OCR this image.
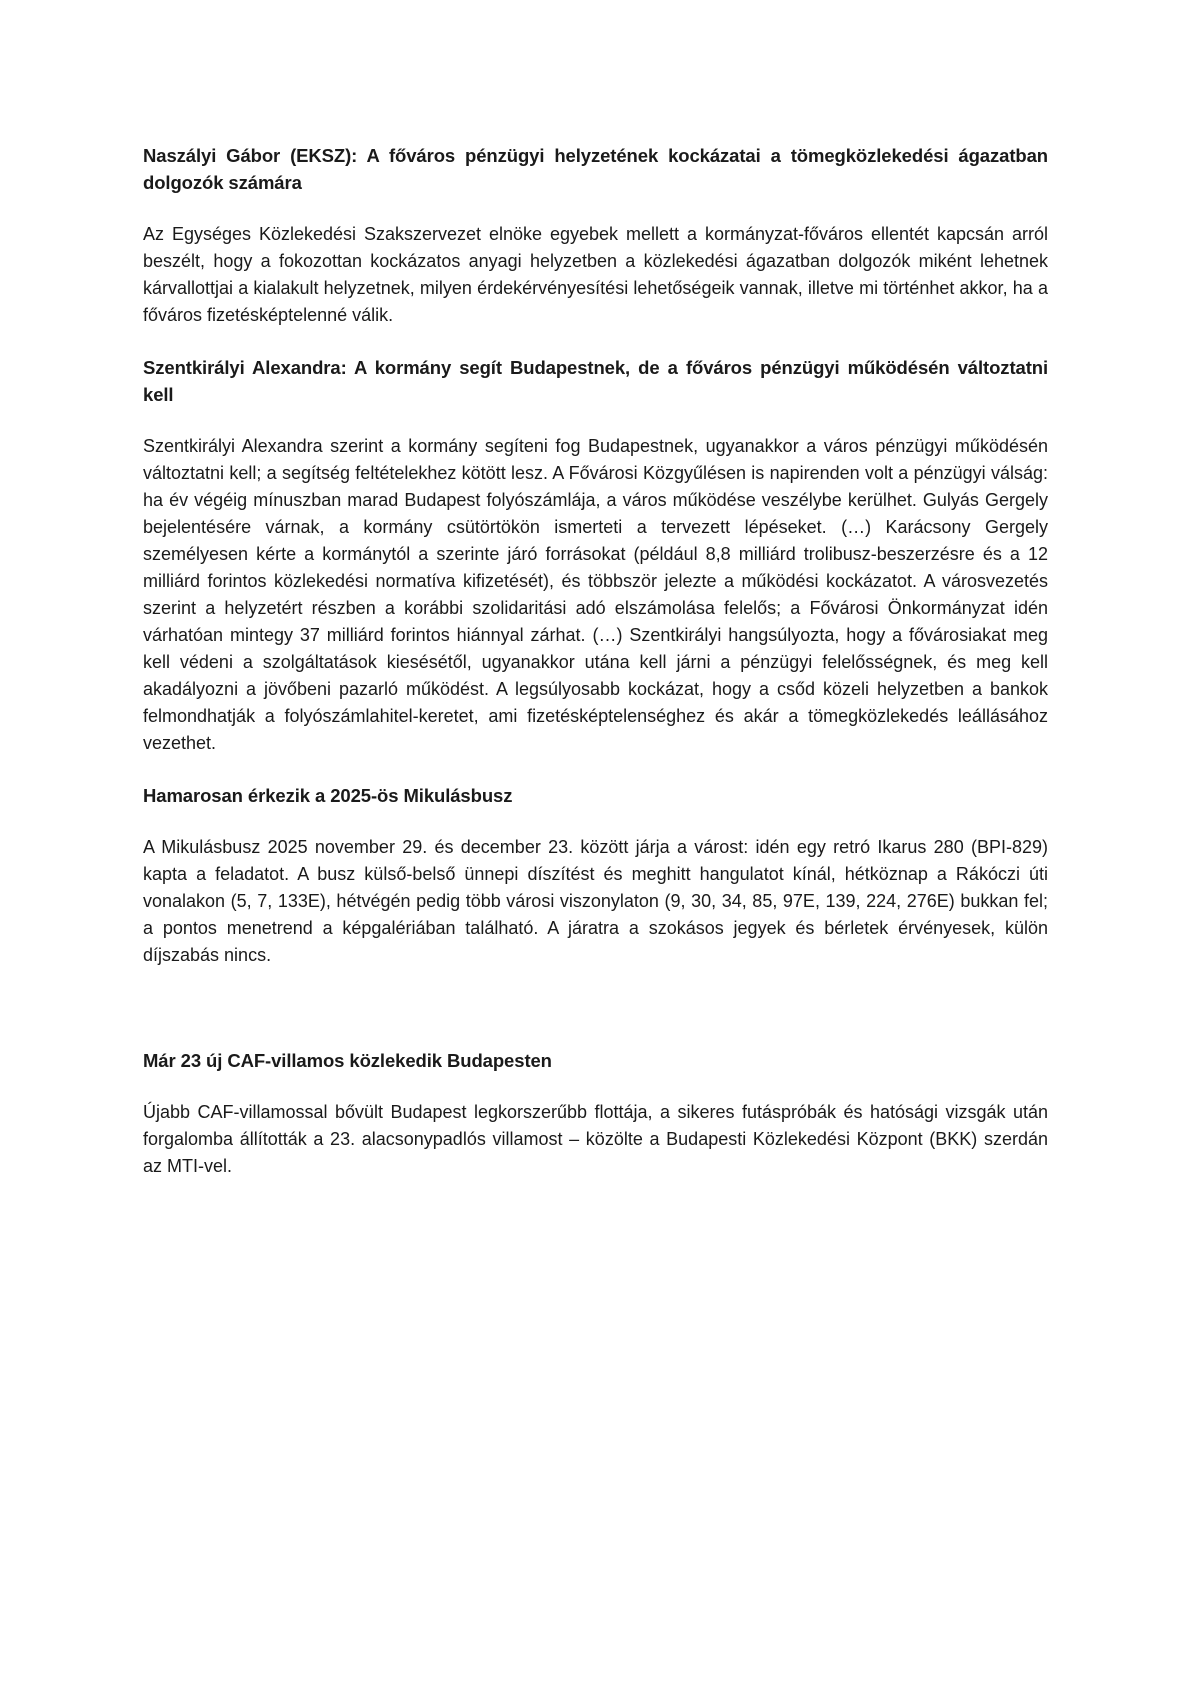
Naszályi Gábor (EKSZ): A főváros pénzügyi helyzetének kockázatai a tömegközlekedési ágazatban dolgozók számára

Az Egységes Közlekedési Szakszervezet elnöke egyebek mellett a kormányzat-főváros ellentét kapcsán arról beszélt, hogy a fokozottan kockázatos anyagi helyzetben a közlekedési ágazatban dolgozók miként lehetnek kárvallottjai a kialakult helyzetnek, milyen érdekérvényesítési lehetőségeik vannak, illetve mi történhet akkor, ha a főváros fizetésképtelenné válik.

Szentkirályi Alexandra: A kormány segít Budapestnek, de a főváros pénzügyi működésén változtatni kell

Szentkirályi Alexandra szerint a kormány segíteni fog Budapestnek, ugyanakkor a város pénzügyi működésén változtatni kell; a segítség feltételekhez kötött lesz. A Fővárosi Közgyűlésen is napirenden volt a pénzügyi válság: ha év végéig mínuszban marad Budapest folyószámlája, a város működése veszélybe kerülhet. Gulyás Gergely bejelentésére várnak, a kormány csütörtökön ismerteti a tervezett lépéseket. (…) Karácsony Gergely személyesen kérte a kormánytól a szerinte járó forrásokat (például 8,8 milliárd trolibusz-beszerzésre és a 12 milliárd forintos közlekedési normatíva kifizetését), és többször jelezte a működési kockázatot. A városvezetés szerint a helyzetért részben a korábbi szolidaritási adó elszámolása felelős; a Fővárosi Önkormányzat idén várhatóan mintegy 37 milliárd forintos hiánnyal zárhat. (…) Szentkirályi hangsúlyozta, hogy a fővárosiakat meg kell védeni a szolgáltatások kiesésétől, ugyanakkor utána kell járni a pénzügyi felelősségnek, és meg kell akadályozni a jövőbeni pazarló működést. A legsúlyosabb kockázat, hogy a csőd közeli helyzetben a bankok felmondhatják a folyószámlahitel-keretet, ami fizetésképtelenséghez és akár a tömegközlekedés leállásához vezethet.

Hamarosan érkezik a 2025-ös Mikulásbusz

A Mikulásbusz 2025 november 29. és december 23. között járja a várost: idén egy retró Ikarus 280 (BPI-829) kapta a feladatot. A busz külső-belső ünnepi díszítést és meghitt hangulatot kínál, hétköznap a Rákóczi úti vonalakon (5, 7, 133E), hétvégén pedig több városi viszonylaton (9, 30, 34, 85, 97E, 139, 224, 276E) bukkan fel; a pontos menetrend a képgalériában található. A járatra a szokásos jegyek és bérletek érvényesek, külön díjszabás nincs.

Már 23 új CAF-villamos közlekedik Budapesten

Újabb CAF-villamossal bővült Budapest legkorszerűbb flottája, a sikeres futáspróbák és hatósági vizsgák után forgalomba állították a 23. alacsonypadlós villamost – közölte a Budapesti Közlekedési Központ (BKK) szerdán az MTI-vel.
